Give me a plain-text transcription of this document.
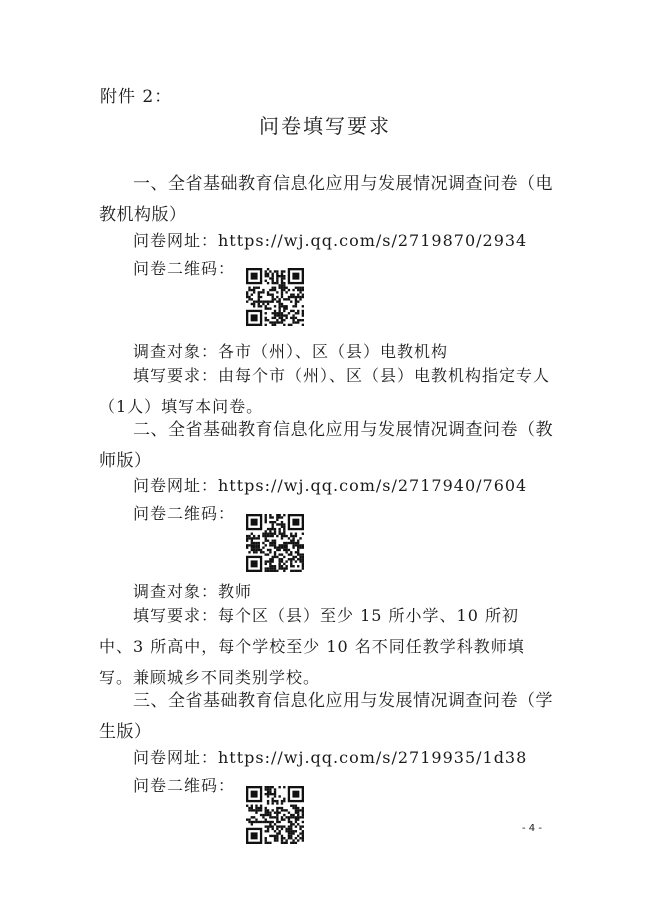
附件 2：
问卷填写要求
一、全省基础教育信息化应用与发展情况调查问卷（电教机构版）
问卷网址：https://wj.qq.com/s/2719870/2934
问卷二维码：
调查对象：各市（州）、区（县）电教机构
填写要求：由每个市（州）、区（县）电教机构指定专人（1人）填写本问卷。
二、全省基础教育信息化应用与发展情况调查问卷（教师版）
问卷网址：https://wj.qq.com/s/2717940/7604
问卷二维码：
调查对象：教师
填写要求：每个区（县）至少 15 所小学、10 所初中、3 所高中，每个学校至少 10 名不同任教学科教师填写。兼顾城乡不同类别学校。
三、全省基础教育信息化应用与发展情况调查问卷（学生版）
问卷网址：https://wj.qq.com/s/2719935/1d38
问卷二维码：
- 4 -
